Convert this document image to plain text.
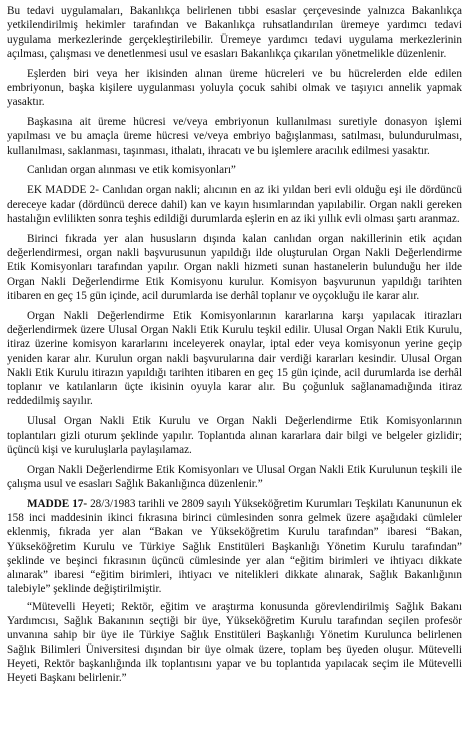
Bu tedavi uygulamaları, Bakanlıkça belirlenen tıbbi esaslar çerçevesinde yalnızca Bakanlıkça yetkilendirilmiş hekimler tarafından ve Bakanlıkça ruhsatlandırılan üremeye yardımcı tedavi uygulama merkezlerinde gerçekleştirilebilir. Üremeye yardımcı tedavi uygulama merkezlerinin açılması, çalışması ve denetlenmesi usul ve esasları Bakanlıkça çıkarılan yönetmelikle düzenlenir.

Eşlerden biri veya her ikisinden alınan üreme hücreleri ve bu hücrelerden elde edilen embriyonun, başka kişilere uygulanması yoluyla çocuk sahibi olmak ve taşıyıcı annelik yapmak yasaktır.

Başkasına ait üreme hücresi ve/veya embriyonun kullanılması suretiyle donasyon işlemi yapılması ve bu amaçla üreme hücresi ve/veya embriyo bağışlanması, satılması, bulundurulması, kullanılması, saklanması, taşınması, ithalatı, ihracatı ve bu işlemlere aracılık edilmesi yasaktır.

Canlıdan organ alınması ve etik komisyonları”

EK MADDE 2- Canlıdan organ nakli; alıcının en az iki yıldan beri evli olduğu eşi ile dördüncü dereceye kadar (dördüncü derece dahil) kan ve kayın hısımlarından yapılabilir. Organ nakli gereken hastalığın evlilikten sonra teşhis edildiği durumlarda eşlerin en az iki yıllık evli olması şartı aranmaz.

Birinci fıkrada yer alan hususların dışında kalan canlıdan organ nakillerinin etik açıdan değerlendirmesi, organ nakli başvurusunun yapıldığı ilde oluşturulan Organ Nakli Değerlendirme Etik Komisyonları tarafından yapılır. Organ nakli hizmeti sunan hastanelerin bulunduğu her ilde Organ Nakli Değerlendirme Etik Komisyonu kurulur. Komisyon başvurunun yapıldığı tarihten itibaren en geç 15 gün içinde, acil durumlarda ise derhâl toplanır ve oyçokluğu ile karar alır.

Organ Nakli Değerlendirme Etik Komisyonlarının kararlarına karşı yapılacak itirazları değerlendirmek üzere Ulusal Organ Nakli Etik Kurulu teşkil edilir. Ulusal Organ Nakli Etik Kurulu, itiraz üzerine komisyon kararlarını inceleyerek onaylar, iptal eder veya komisyonun yerine geçip yeniden karar alır. Kurulun organ nakli başvurularına dair verdiği kararları kesindir. Ulusal Organ Nakli Etik Kurulu itirazın yapıldığı tarihten itibaren en geç 15 gün içinde, acil durumlarda ise derhâl toplanır ve katılanların üçte ikisinin oyuyla karar alır. Bu çoğunluk sağlanamadığında itiraz reddedilmiş sayılır.

Ulusal Organ Nakli Etik Kurulu ve Organ Nakli Değerlendirme Etik Komisyonlarının toplantıları gizli oturum şeklinde yapılır. Toplantıda alınan kararlara dair bilgi ve belgeler gizlidir; üçüncü kişi ve kuruluşlarla paylaşılamaz.

Organ Nakli Değerlendirme Etik Komisyonları ve Ulusal Organ Nakli Etik Kurulunun teşkili ile çalışma usul ve esasları Sağlık Bakanlığınca düzenlenir.”

MADDE 17- 28/3/1983 tarihli ve 2809 sayılı Yükseköğretim Kurumları Teşkilatı Kanununun ek 158 inci maddesinin ikinci fıkrasına birinci cümlesinden sonra gelmek üzere aşağıdaki cümleler eklenmiş, fıkrada yer alan “Bakan ve Yükseköğretim Kurulu tarafından” ibaresi “Bakan, Yükseköğretim Kurulu ve Türkiye Sağlık Enstitüleri Başkanlığı Yönetim Kurulu tarafından” şeklinde ve beşinci fıkrasının üçüncü cümlesinde yer alan “eğitim birimleri ve ihtiyacı dikkate alınarak” ibaresi “eğitim birimleri, ihtiyacı ve nitelikleri dikkate alınarak, Sağlık Bakanlığının talebiyle” şeklinde değiştirilmiştir.

“Mütevelli Heyeti; Rektör, eğitim ve araştırma konusunda görevlendirilmiş Sağlık Bakanı Yardımcısı, Sağlık Bakanının seçtiği bir üye, Yükseköğretim Kurulu tarafından seçilen profesör unvanına sahip bir üye ile Türkiye Sağlık Enstitüleri Başkanlığı Yönetim Kurulunca belirlenen Sağlık Bilimleri Üniversitesi dışından bir üye olmak üzere, toplam beş üyeden oluşur. Mütevelli Heyeti, Rektör başkanlığında ilk toplantısını yapar ve bu toplantıda yapılacak seçim ile Mütevelli Heyeti Başkanı belirlenir.”
